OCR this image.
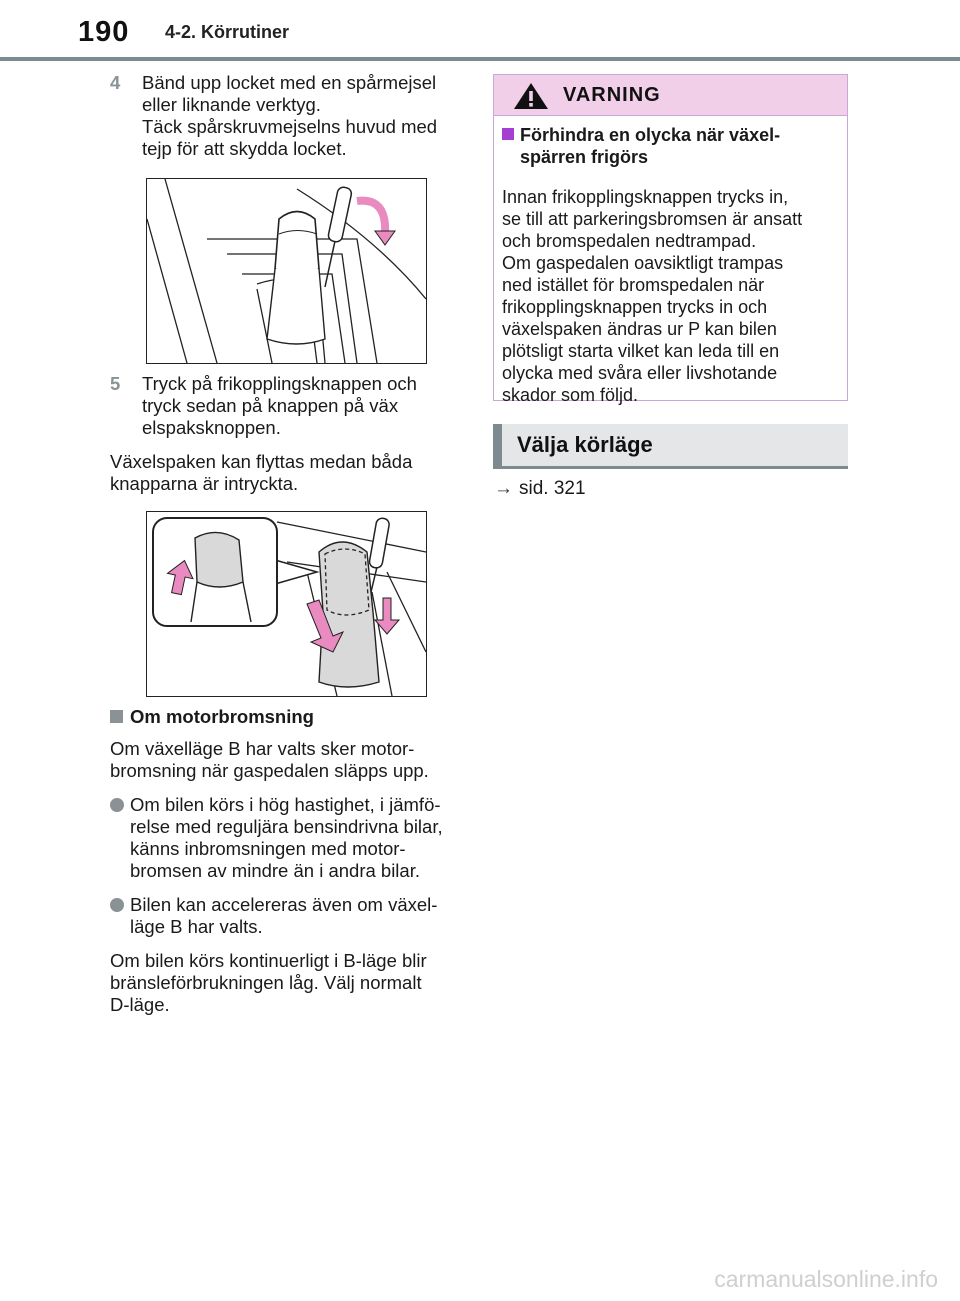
190 4-2. Körrutiner
4 Bänd upp locket med en spårmejsel
eller liknande verktyg.
Täck spårskruvmejselns huvud med
tejp för att skydda locket.
5 Tryck på frikopplingsknappen och
tryck sedan på knappen på väx
elspaksknoppen.

Växelspaken kan flyttas medan båda

knapparna är intryckta.

Om motorbromsning

Om växelläge B har valts sker motor-

bromsning när gaspedalen släpps upp.

Om bilen körs i hög hastighet, i jämfö-
relse med reguljära bensindrivna bilar,
känns inbromsningen med motor-
bromsen av mindre än i andra bilar.
Bilen kan accelereras även om växel-
läge B har valts.

Om bilen körs kontinuerligt i B-läge blir

bränsleförbrukningen låg. Välj normalt

D-läge.

VARNING
Förhindra en olycka när växel-
spärren frigörs
Innan frikopplingsknappen trycks in,
se till att parkeringsbromsen är ansatt
och bromspedalen nedtrampad.
Om gaspedalen oavsiktligt trampas
ned istället för bromspedalen när
frikopplingsknappen trycks in och
växelspaken ändras ur P kan bilen
plötsligt starta vilket kan leda till en
olycka med svåra eller livshotande
skador som följd.
Välja körläge
→ sid. 321
carmanualsonline.info
